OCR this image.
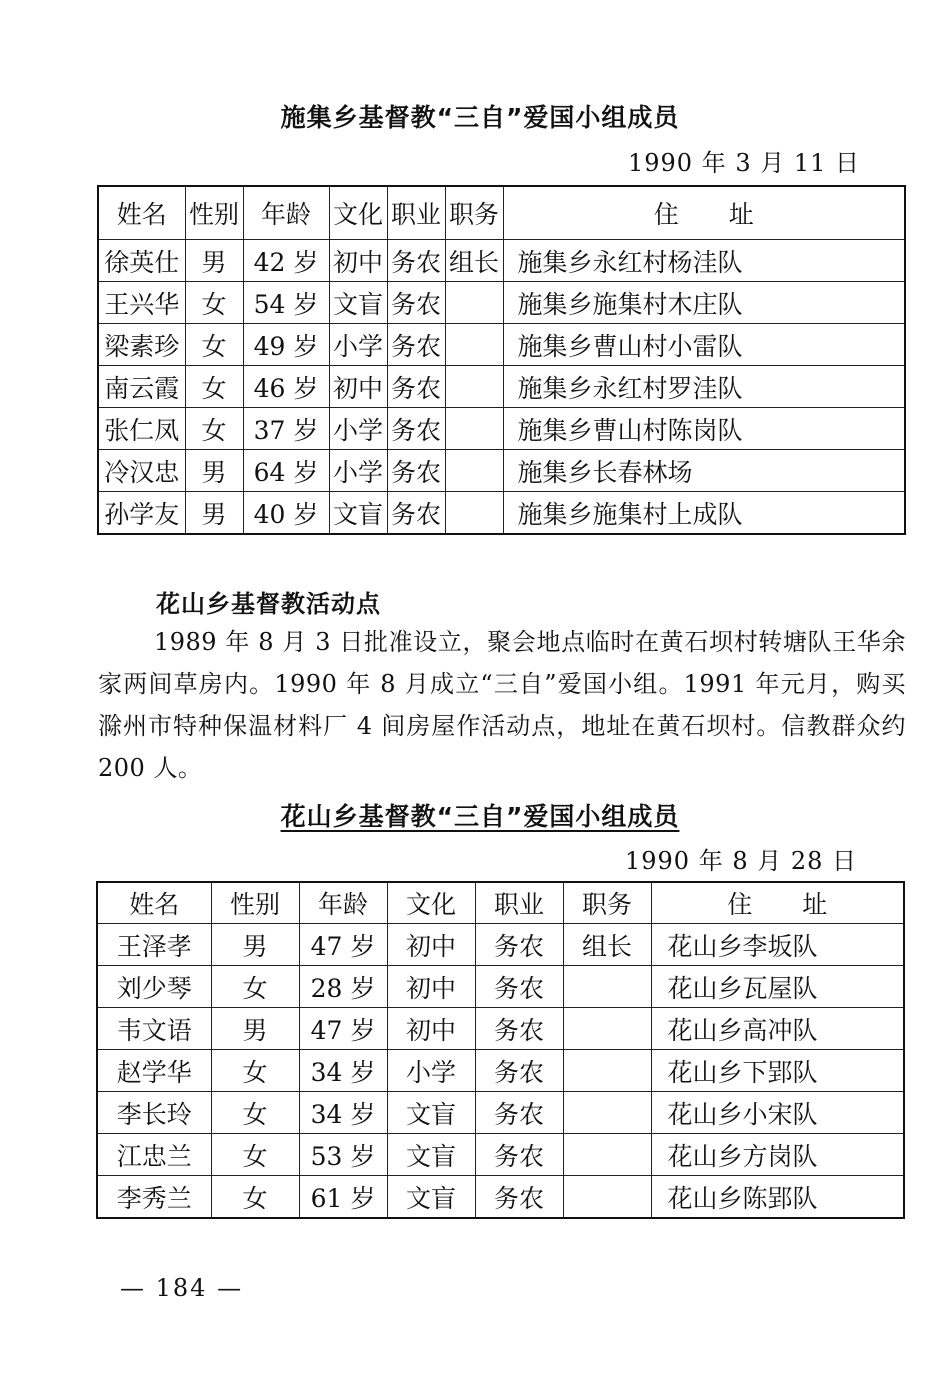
施集乡基督教“三自”爱国小组成员
1990 年 3 月 11 日
姓名	性别	年龄	文化	职业	职务	住　　址
徐英仕	男	42 岁	初中	务农	组长	施集乡永红村杨洼队
王兴华	女	54 岁	文盲	务农		施集乡施集村木庄队
梁素珍	女	49 岁	小学	务农		施集乡曹山村小雷队
南云霞	女	46 岁	初中	务农		施集乡永红村罗洼队
张仁凤	女	37 岁	小学	务农		施集乡曹山村陈岗队
冷汉忠	男	64 岁	小学	务农		施集乡长春林场
孙学友	男	40 岁	文盲	务农		施集乡施集村上成队
花山乡基督教活动点
1989 年 8 月 3 日批准设立，聚会地点临时在黄石坝村转塘队王华余家两间草房内。1990 年 8 月成立“三自”爱国小组。1991 年元月，购买滁州市特种保温材料厂 4 间房屋作活动点，地址在黄石坝村。信教群众约 200 人。
花山乡基督教“三自”爱国小组成员
1990 年 8 月 28 日
姓名	性别	年龄	文化	职业	职务	住　　址
王泽孝	男	47 岁	初中	务农	组长	花山乡李坂队
刘少琴	女	28 岁	初中	务农		花山乡瓦屋队
韦文语	男	47 岁	初中	务农		花山乡高冲队
赵学华	女	34 岁	小学	务农		花山乡下郢队
李长玲	女	34 岁	文盲	务农		花山乡小宋队
江忠兰	女	53 岁	文盲	务农		花山乡方岗队
李秀兰	女	61 岁	文盲	务农		花山乡陈郢队
— 184 —
